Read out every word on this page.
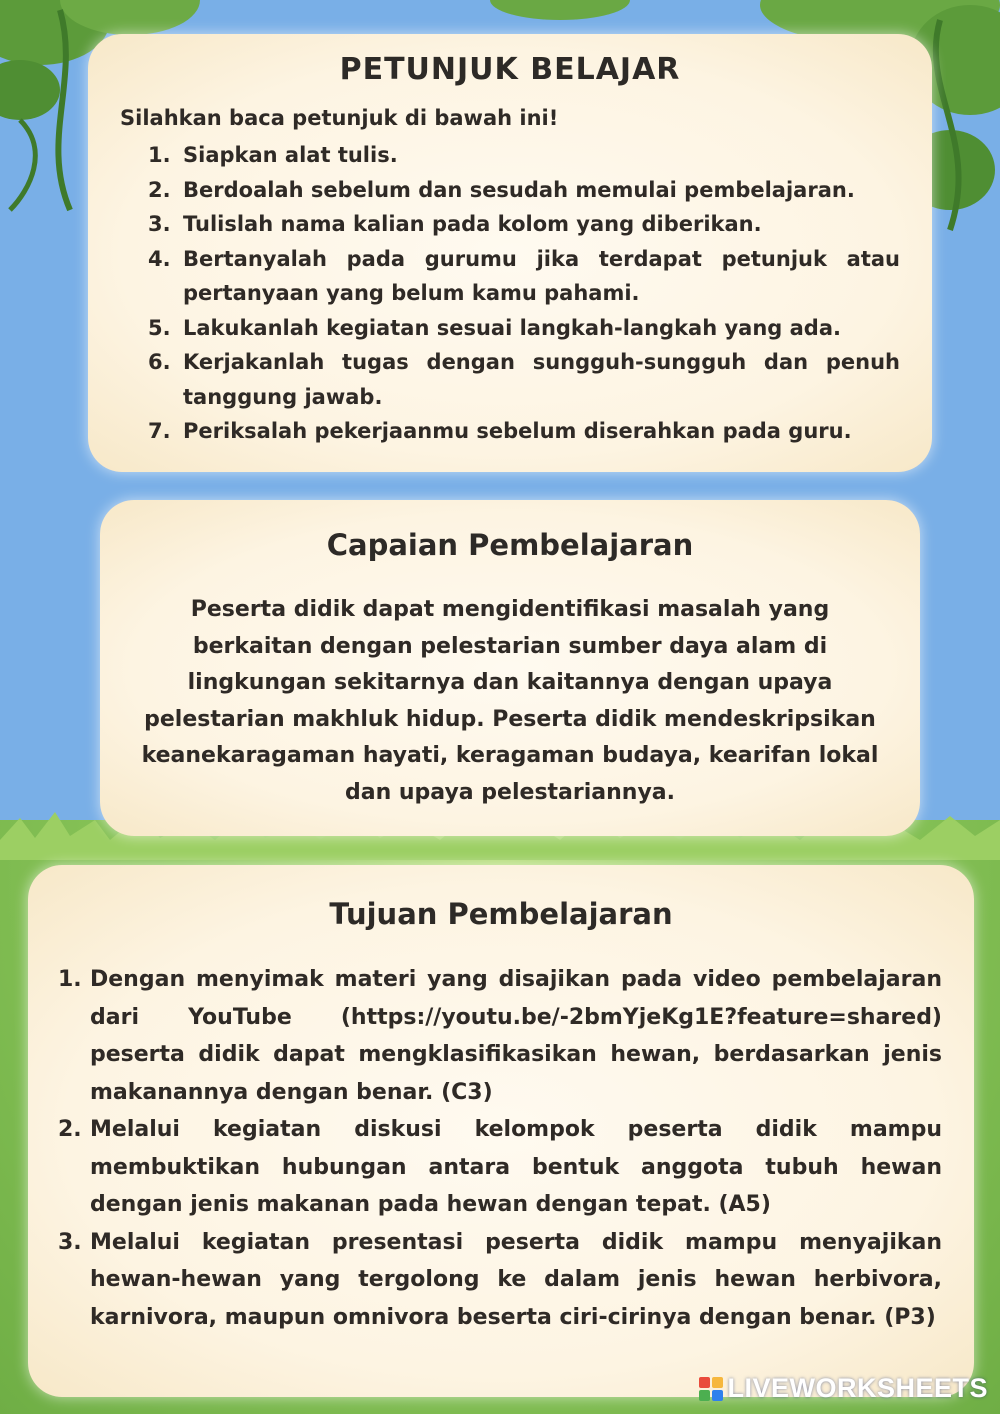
PETUNJUK BELAJAR
Silahkan baca petunjuk di bawah ini!
1. Siapkan alat tulis.
2. Berdoalah sebelum dan sesudah memulai pembelajaran.
3. Tulislah nama kalian pada kolom yang diberikan.
4. Bertanyalah pada gurumu jika terdapat petunjuk atau pertanyaan yang belum kamu pahami.
5. Lakukanlah kegiatan sesuai langkah-langkah yang ada.
6. Kerjakanlah tugas dengan sungguh-sungguh dan penuh tanggung jawab.
7. Periksalah pekerjaanmu sebelum diserahkan pada guru.
Capaian Pembelajaran
Peserta didik dapat mengidentifikasi masalah yang berkaitan dengan pelestarian sumber daya alam di lingkungan sekitarnya dan kaitannya dengan upaya pelestarian makhluk hidup. Peserta didik mendeskripsikan keanekaragaman hayati, keragaman budaya, kearifan lokal dan upaya pelestariannya.
Tujuan Pembelajaran
1. Dengan menyimak materi yang disajikan pada video pembelajaran dari YouTube (https://youtu.be/-2bmYjeKg1E?feature=shared) peserta didik dapat mengklasifikasikan hewan, berdasarkan jenis makanannya dengan benar. (C3)
2. Melalui kegiatan diskusi kelompok peserta didik mampu membuktikan hubungan antara bentuk anggota tubuh hewan dengan jenis makanan pada hewan dengan tepat. (A5)
3. Melalui kegiatan presentasi peserta didik mampu menyajikan hewan-hewan yang tergolong ke dalam jenis hewan herbivora, karnivora, maupun omnivora beserta ciri-cirinya dengan benar. (P3)
LIVEWORKSHEETS
